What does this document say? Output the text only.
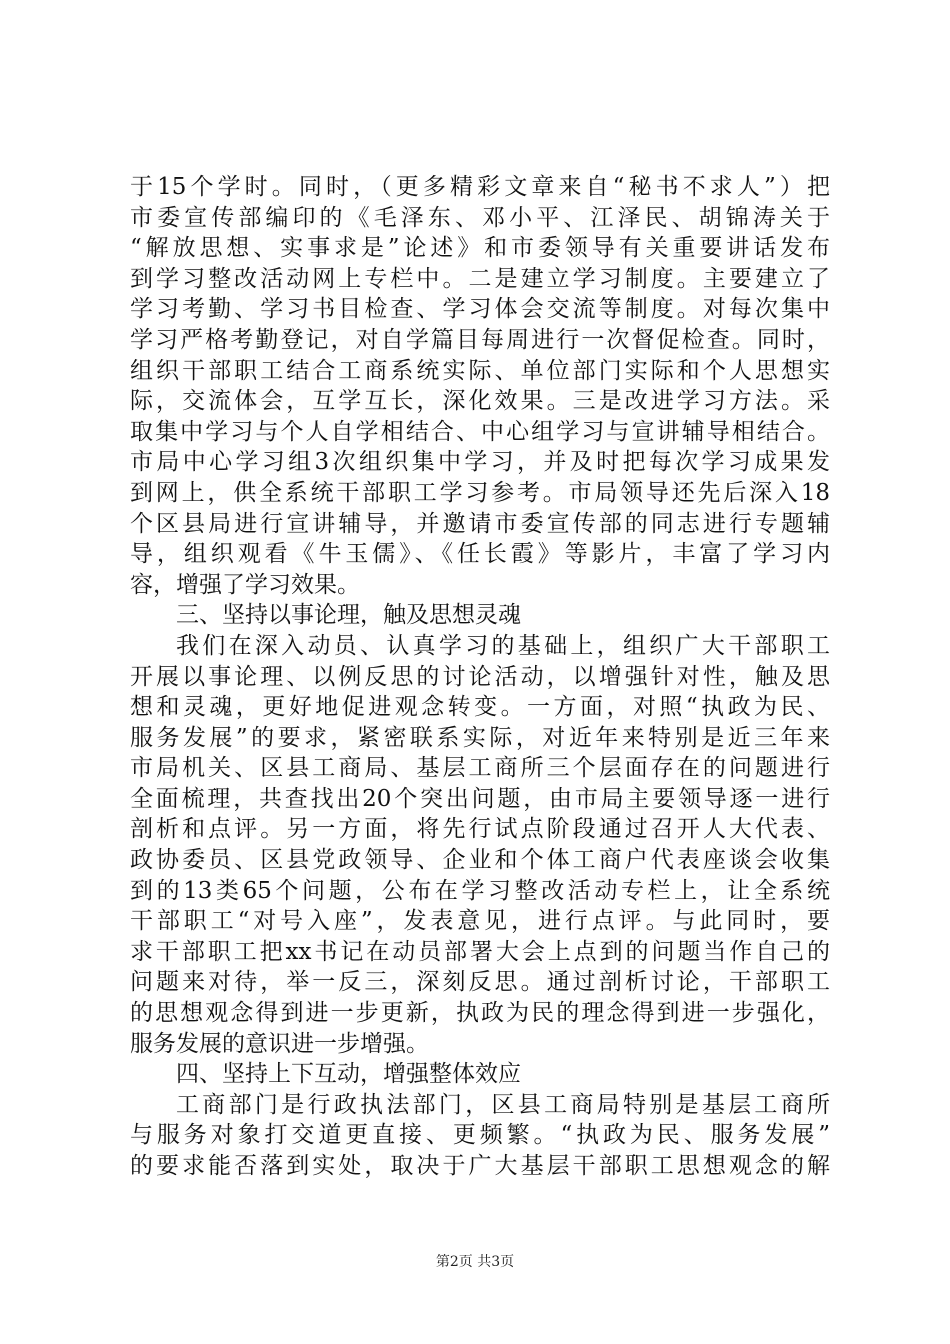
于15个学时。同时，（更多精彩文章来自“秘书不求人”）把
市委宣传部编印的《毛泽东、邓小平、江泽民、胡锦涛关于
“解放思想、实事求是”论述》和市委领导有关重要讲话发布
到学习整改活动网上专栏中。二是建立学习制度。主要建立了
学习考勤、学习书目检查、学习体会交流等制度。对每次集中
学习严格考勤登记，对自学篇目每周进行一次督促检查。同时，
组织干部职工结合工商系统实际、单位部门实际和个人思想实
际，交流体会，互学互长，深化效果。三是改进学习方法。采
取集中学习与个人自学相结合、中心组学习与宣讲辅导相结合。
市局中心学习组3次组织集中学习，并及时把每次学习成果发
到网上，供全系统干部职工学习参考。市局领导还先后深入18
个区县局进行宣讲辅导，并邀请市委宣传部的同志进行专题辅
导，组织观看《牛玉儒》、《任长霞》等影片，丰富了学习内
容，增强了学习效果。
三、坚持以事论理，触及思想灵魂
我们在深入动员、认真学习的基础上，组织广大干部职工
开展以事论理、以例反思的讨论活动，以增强针对性，触及思
想和灵魂，更好地促进观念转变。一方面，对照“执政为民、
服务发展”的要求，紧密联系实际，对近年来特别是近三年来
市局机关、区县工商局、基层工商所三个层面存在的问题进行
全面梳理，共查找出20个突出问题，由市局主要领导逐一进行
剖析和点评。另一方面，将先行试点阶段通过召开人大代表、
政协委员、区县党政领导、企业和个体工商户代表座谈会收集
到的13类65个问题，公布在学习整改活动专栏上，让全系统
干部职工“对号入座”，发表意见，进行点评。与此同时，要
求干部职工把xx书记在动员部署大会上点到的问题当作自己的
问题来对待，举一反三，深刻反思。通过剖析讨论，干部职工
的思想观念得到进一步更新，执政为民的理念得到进一步强化，
服务发展的意识进一步增强。
四、坚持上下互动，增强整体效应
工商部门是行政执法部门，区县工商局特别是基层工商所
与服务对象打交道更直接、更频繁。“执政为民、服务发展”
的要求能否落到实处，取决于广大基层干部职工思想观念的解
第2页 共3页
